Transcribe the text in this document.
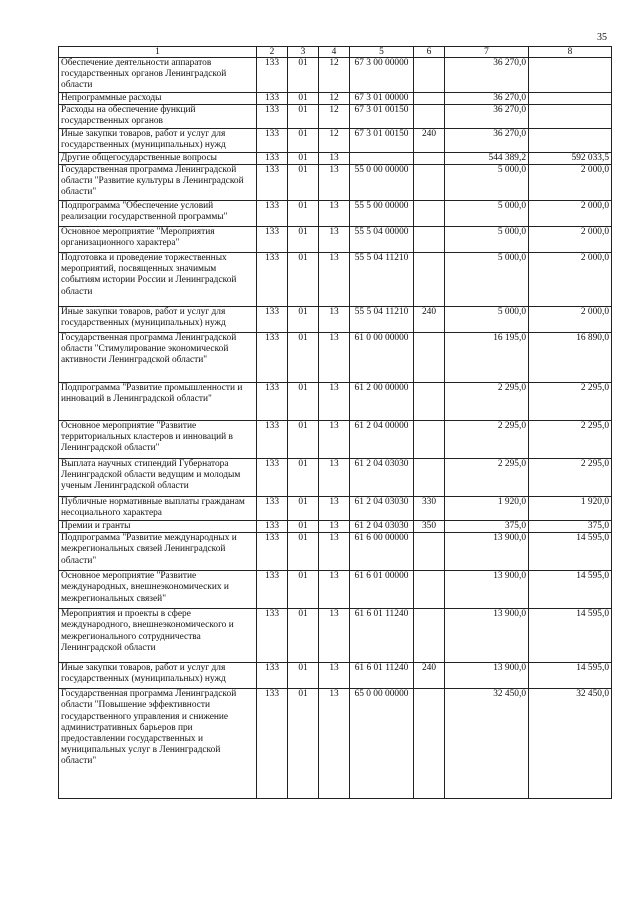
35
1	2	3	4	5	6	7	8
Обеспечение деятельности аппаратов государственных органов Ленинградской области	133	01	12	67 3 00 00000		36 270,0	
Непрограммные расходы	133	01	12	67 3 01 00000		36 270,0	
Расходы на обеспечение функций государственных органов	133	01	12	67 3 01 00150		36 270,0	
Иные закупки товаров, работ и услуг для государственных (муниципальных) нужд	133	01	12	67 3 01 00150	240	36 270,0	
Другие общегосударственные вопросы	133	01	13			544 389,2	592 033,5
Государственная программа Ленинградской области "Развитие культуры в Ленинградской области"	133	01	13	55 0 00 00000		5 000,0	2 000,0
Подпрограмма "Обеспечение условий реализации государственной программы"	133	01	13	55 5 00 00000		5 000,0	2 000,0
Основное мероприятие "Мероприятия организационного характера"	133	01	13	55 5 04 00000		5 000,0	2 000,0
Подготовка и проведение торжественных мероприятий, посвященных значимым событиям истории России и Ленинградской области	133	01	13	55 5 04 11210		5 000,0	2 000,0
Иные закупки товаров, работ и услуг для государственных (муниципальных) нужд	133	01	13	55 5 04 11210	240	5 000,0	2 000,0
Государственная программа Ленинградской области "Стимулирование экономической активности Ленинградской области"	133	01	13	61 0 00 00000		16 195,0	16 890,0
Подпрограмма "Развитие промышленности и инноваций в Ленинградской области"	133	01	13	61 2 00 00000		2 295,0	2 295,0
Основное мероприятие "Развитие территориальных кластеров и инноваций в Ленинградской области"	133	01	13	61 2 04 00000		2 295,0	2 295,0
Выплата научных стипендий Губернатора Ленинградской области ведущим и молодым ученым Ленинградской области	133	01	13	61 2 04 03030		2 295,0	2 295,0
Публичные нормативные выплаты гражданам несоциального характера	133	01	13	61 2 04 03030	330	1 920,0	1 920,0
Премии и гранты	133	01	13	61 2 04 03030	350	375,0	375,0
Подпрограмма "Развитие международных и межрегиональных связей Ленинградской области"	133	01	13	61 6 00 00000		13 900,0	14 595,0
Основное мероприятие "Развитие международных, внешнеэкономических и межрегиональных связей"	133	01	13	61 6 01 00000		13 900,0	14 595,0
Мероприятия и проекты в сфере международного, внешнеэкономического и межрегионального сотрудничества Ленинградской области	133	01	13	61 6 01 11240		13 900,0	14 595,0
Иные закупки товаров, работ и услуг для государственных (муниципальных) нужд	133	01	13	61 6 01 11240	240	13 900,0	14 595,0
Государственная программа Ленинградской области "Повышение эффективности государственного управления и снижение административных барьеров при предоставлении государственных и муниципальных услуг в Ленинградской области"	133	01	13	65 0 00 00000		32 450,0	32 450,0
